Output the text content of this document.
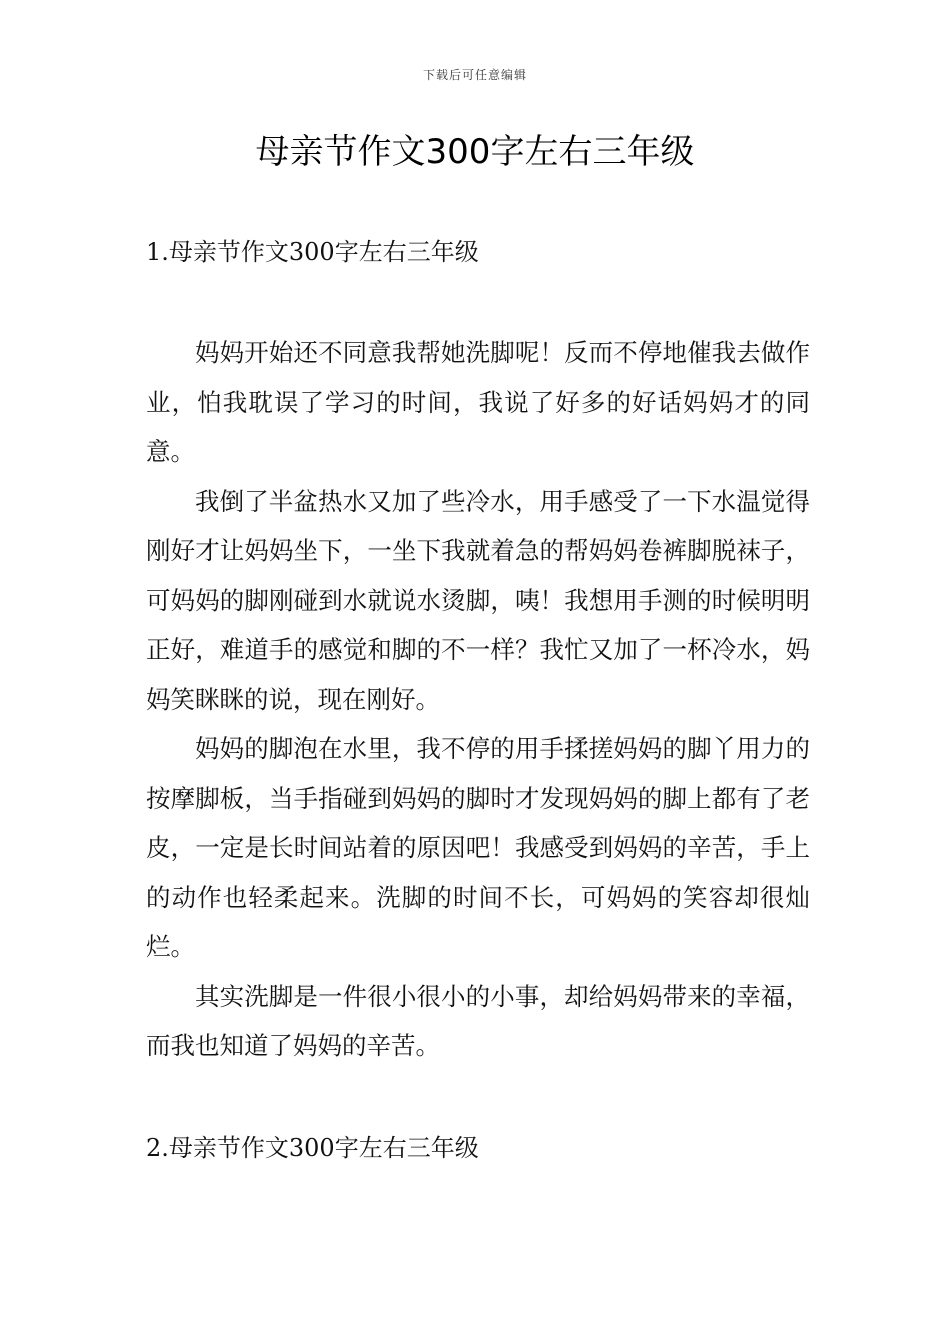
下载后可任意编辑
母亲节作文300字左右三年级
1.母亲节作文300字左右三年级

妈妈开始还不同意我帮她洗脚呢！反而不停地催我去做作业，怕我耽误了学习的时间，我说了好多的好话妈妈才的同意。

我倒了半盆热水又加了些冷水，用手感受了一下水温觉得刚好才让妈妈坐下，一坐下我就着急的帮妈妈卷裤脚脱袜子，可妈妈的脚刚碰到水就说水烫脚，咦！我想用手测的时候明明正好，难道手的感觉和脚的不一样？我忙又加了一杯冷水，妈妈笑眯眯的说，现在刚好。

妈妈的脚泡在水里，我不停的用手揉搓妈妈的脚丫用力的按摩脚板，当手指碰到妈妈的脚时才发现妈妈的脚上都有了老皮，一定是长时间站着的原因吧！我感受到妈妈的辛苦，手上的动作也轻柔起来。洗脚的时间不长，可妈妈的笑容却很灿烂。

其实洗脚是一件很小很小的小事，却给妈妈带来的幸福，而我也知道了妈妈的辛苦。

2.母亲节作文300字左右三年级
